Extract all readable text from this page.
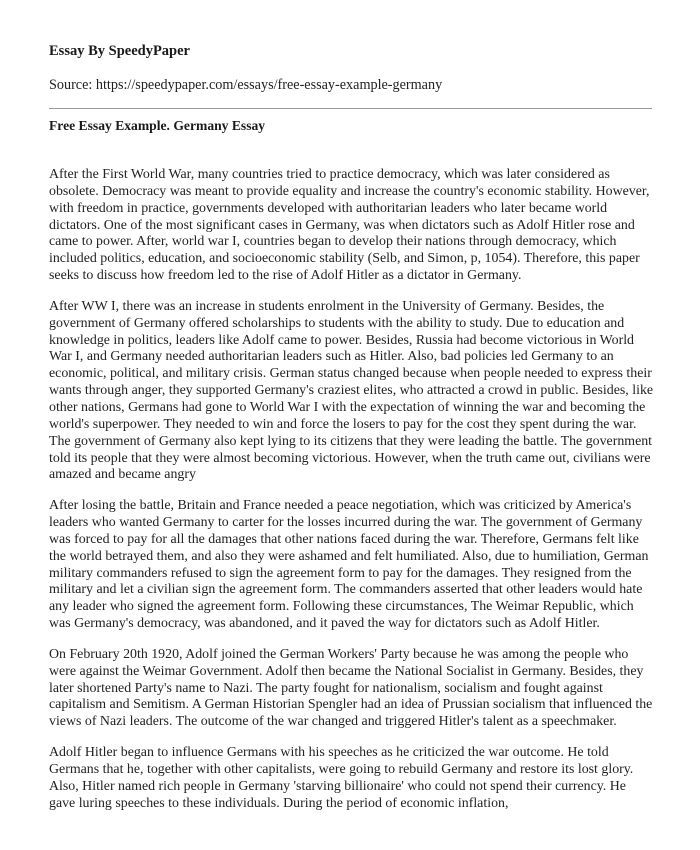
Essay By SpeedyPaper
Source: https://speedypaper.com/essays/free-essay-example-germany
Free Essay Example. Germany Essay

After the First World War, many countries tried to practice democracy, which was later considered as obsolete. Democracy was meant to provide equality and increase the country's economic stability. However, with freedom in practice, governments developed with authoritarian leaders who later became world dictators. One of the most significant cases in Germany, was when dictators such as Adolf Hitler rose and came to power. After, world war I, countries began to develop their nations through democracy, which included politics, education, and socioeconomic stability (Selb, and Simon, p, 1054). Therefore, this paper seeks to discuss how freedom led to the rise of Adolf Hitler as a dictator in Germany.

After WW I, there was an increase in students enrolment in the University of Germany. Besides, the government of Germany offered scholarships to students with the ability to study. Due to education and knowledge in politics, leaders like Adolf came to power. Besides, Russia had become victorious in World War I, and Germany needed authoritarian leaders such as Hitler. Also, bad policies led Germany to an economic, political, and military crisis. German status changed because when people needed to express their wants through anger, they supported Germany's craziest elites, who attracted a crowd in public. Besides, like other nations, Germans had gone to World War I with the expectation of winning the war and becoming the world's superpower. They needed to win and force the losers to pay for the cost they spent during the war. The government of Germany also kept lying to its citizens that they were leading the battle. The government told its people that they were almost becoming victorious. However, when the truth came out, civilians were amazed and became angry

After losing the battle, Britain and France needed a peace negotiation, which was criticized by America's leaders who wanted Germany to carter for the losses incurred during the war. The government of Germany was forced to pay for all the damages that other nations faced during the war. Therefore, Germans felt like the world betrayed them, and also they were ashamed and felt humiliated. Also, due to humiliation, German military commanders refused to sign the agreement form to pay for the damages. They resigned from the military and let a civilian sign the agreement form. The commanders asserted that other leaders would hate any leader who signed the agreement form. Following these circumstances, The Weimar Republic, which was Germany's democracy, was abandoned, and it paved the way for dictators such as Adolf Hitler.

On February 20th 1920, Adolf joined the German Workers' Party because he was among the people who were against the Weimar Government. Adolf then became the National Socialist in Germany. Besides, they later shortened Party's name to Nazi. The party fought for nationalism, socialism and fought against capitalism and Semitism. A German Historian Spengler had an idea of Prussian socialism that influenced the views of Nazi leaders. The outcome of the war changed and triggered Hitler's talent as a speechmaker.

Adolf Hitler began to influence Germans with his speeches as he criticized the war outcome. He told Germans that he, together with other capitalists, were going to rebuild Germany and restore its lost glory. Also, Hitler named rich people in Germany 'starving billionaire' who could not spend their currency. He gave luring speeches to these individuals. During the period of economic inflation,
